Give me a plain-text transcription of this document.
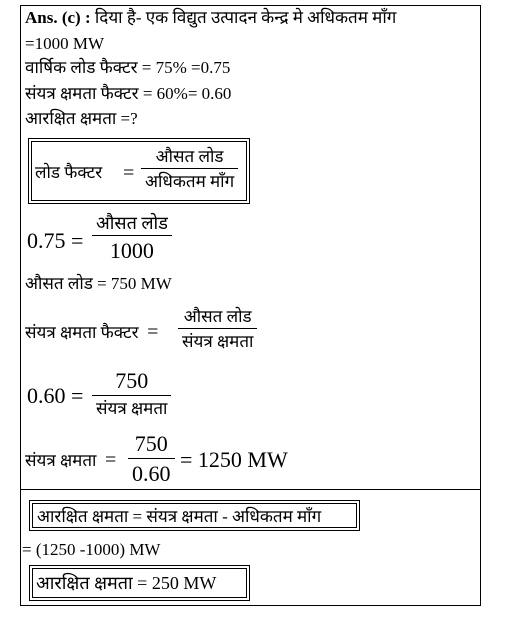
Ans. (c) : दिया है- एक विद्युत उत्पादन केन्द्र मे अधिकतम माँग
=1000 MW
वार्षिक लोड फैक्टर = 75% =0.75
संयत्र क्षमता फैक्टर = 60%= 0.60
आरक्षित क्षमता =?
लोड फैक्टर =
औसत लोड
अधिकतम माँग
0.75 =
औसत लोड
1000
औसत लोड = 750 MW
संयत्र क्षमता फैक्टर =
औसत लोड
संयत्र क्षमता
0.60 =
750
संयत्र क्षमता
संयत्र क्षमता = $\frac{750}{0.60} = 1250$ MW
आरक्षित क्षमता = संयत्र क्षमता - अधिकतम माँग
= (1250 -1000) MW
आरक्षित क्षमता = 250 MW
